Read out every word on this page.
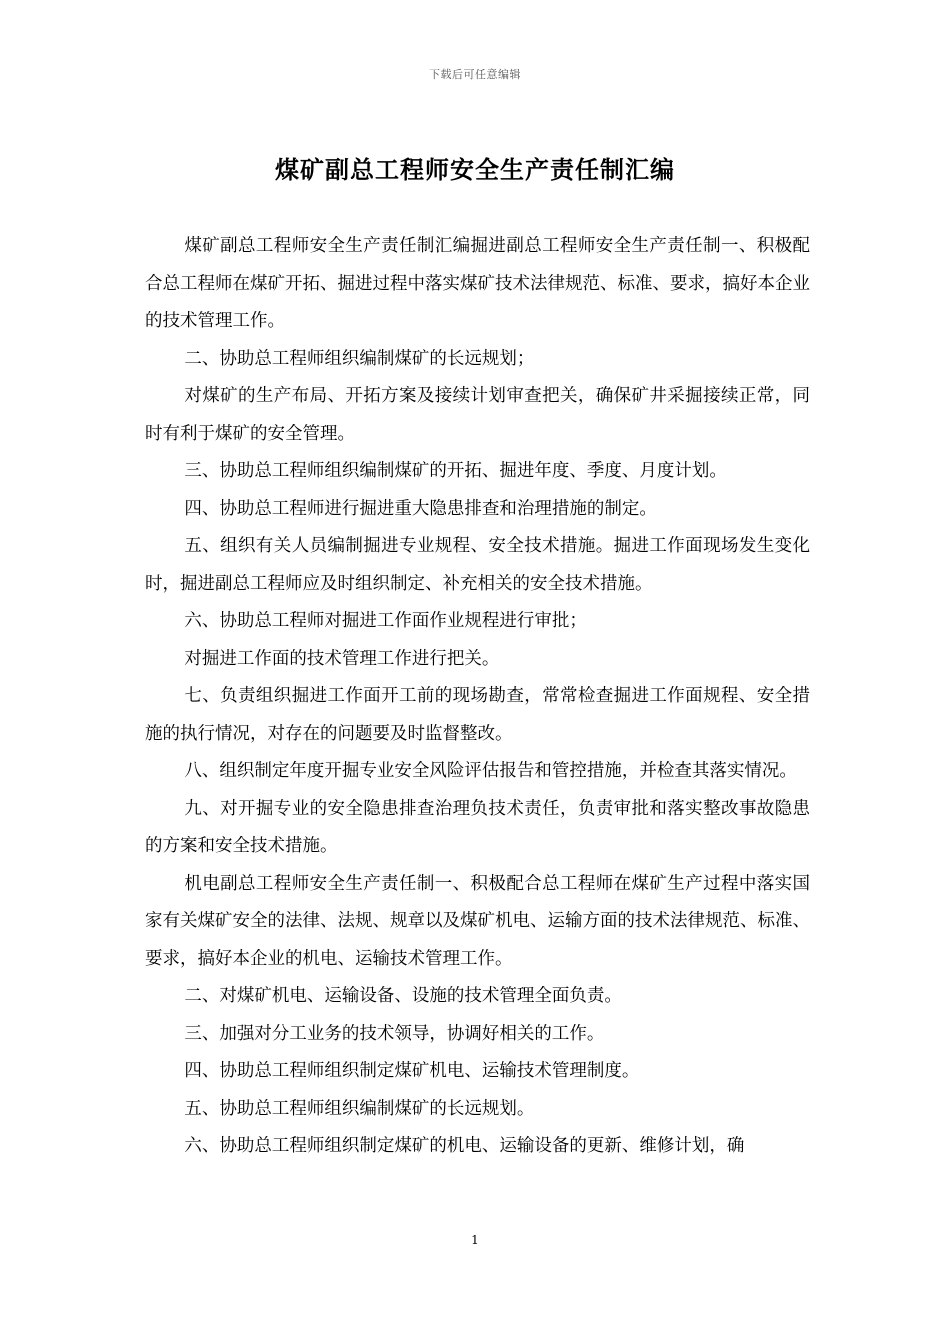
下载后可任意编辑
煤矿副总工程师安全生产责任制汇编

煤矿副总工程师安全生产责任制汇编掘进副总工程师安全生产责任制一、积极配合总工程师在煤矿开拓、掘进过程中落实煤矿技术法律规范、标准、要求，搞好本企业的技术管理工作。

二、协助总工程师组织编制煤矿的长远规划；

对煤矿的生产布局、开拓方案及接续计划审查把关，确保矿井采掘接续正常，同时有利于煤矿的安全管理。

三、协助总工程师组织编制煤矿的开拓、掘进年度、季度、月度计划。

四、协助总工程师进行掘进重大隐患排查和治理措施的制定。

五、组织有关人员编制掘进专业规程、安全技术措施。掘进工作面现场发生变化时，掘进副总工程师应及时组织制定、补充相关的安全技术措施。

六、协助总工程师对掘进工作面作业规程进行审批；

对掘进工作面的技术管理工作进行把关。

七、负责组织掘进工作面开工前的现场勘查，常常检查掘进工作面规程、安全措施的执行情况，对存在的问题要及时监督整改。

八、组织制定年度开掘专业安全风险评估报告和管控措施，并检查其落实情况。

九、对开掘专业的安全隐患排查治理负技术责任，负责审批和落实整改事故隐患的方案和安全技术措施。

机电副总工程师安全生产责任制一、积极配合总工程师在煤矿生产过程中落实国家有关煤矿安全的法律、法规、规章以及煤矿机电、运输方面的技术法律规范、标准、要求，搞好本企业的机电、运输技术管理工作。

二、对煤矿机电、运输设备、设施的技术管理全面负责。

三、加强对分工业务的技术领导，协调好相关的工作。

四、协助总工程师组织制定煤矿机电、运输技术管理制度。

五、协助总工程师组织编制煤矿的长远规划。

六、协助总工程师组织制定煤矿的机电、运输设备的更新、维修计划，确

1
